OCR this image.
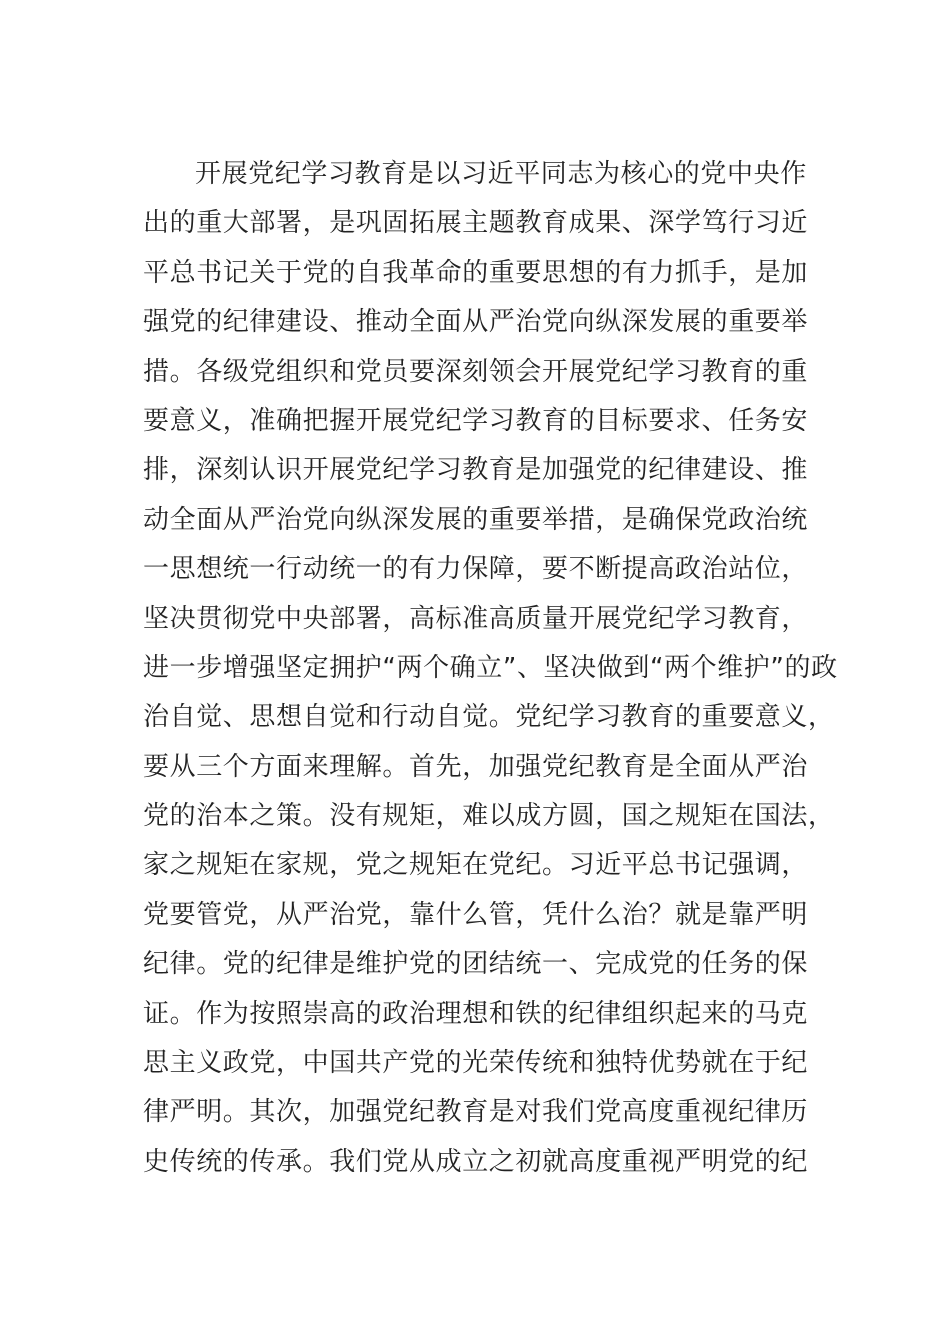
开展党纪学习教育是以习近平同志为核心的党中央作
出的重大部署，是巩固拓展主题教育成果、深学笃行习近
平总书记关于党的自我革命的重要思想的有力抓手，是加
强党的纪律建设、推动全面从严治党向纵深发展的重要举
措。各级党组织和党员要深刻领会开展党纪学习教育的重
要意义，准确把握开展党纪学习教育的目标要求、任务安
排，深刻认识开展党纪学习教育是加强党的纪律建设、推
动全面从严治党向纵深发展的重要举措，是确保党政治统
一思想统一行动统一的有力保障，要不断提高政治站位，
坚决贯彻党中央部署，高标准高质量开展党纪学习教育，
进一步增强坚定拥护“两个确立”、坚决做到“两个维护”的政
治自觉、思想自觉和行动自觉。党纪学习教育的重要意义，
要从三个方面来理解。首先，加强党纪教育是全面从严治
党的治本之策。没有规矩，难以成方圆，国之规矩在国法，
家之规矩在家规，党之规矩在党纪。习近平总书记强调，
党要管党，从严治党，靠什么管，凭什么治？就是靠严明
纪律。党的纪律是维护党的团结统一、完成党的任务的保
证。作为按照崇高的政治理想和铁的纪律组织起来的马克
思主义政党，中国共产党的光荣传统和独特优势就在于纪
律严明。其次，加强党纪教育是对我们党高度重视纪律历
史传统的传承。我们党从成立之初就高度重视严明党的纪
